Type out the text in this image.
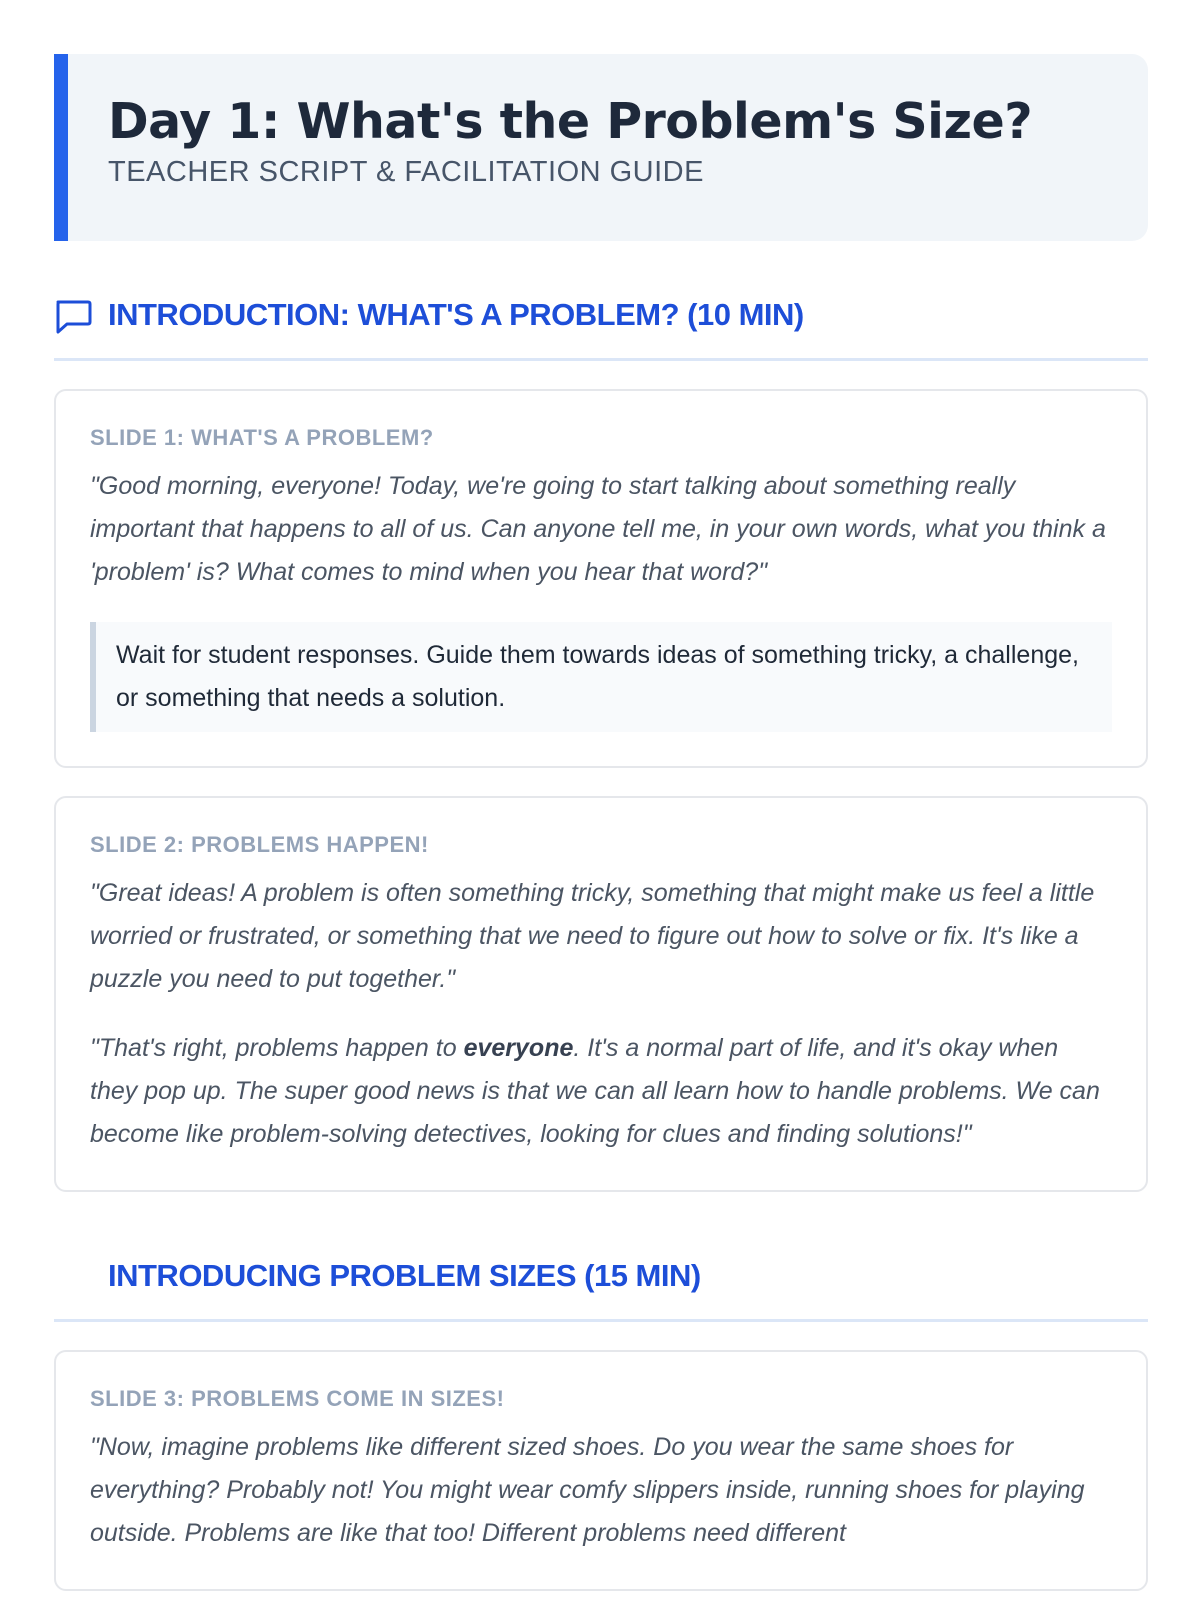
Day 1: What's the Problem's Size?
TEACHER SCRIPT & FACILITATION GUIDE
INTRODUCTION: WHAT'S A PROBLEM? (10 MIN)
SLIDE 1: WHAT'S A PROBLEM?

"Good morning, everyone! Today, we're going to start talking about something really important that happens to all of us. Can anyone tell me, in your own words, what you think a 'problem' is? What comes to mind when you hear that word?"

Wait for student responses. Guide them towards ideas of something tricky, a challenge, or something that needs a solution.
SLIDE 2: PROBLEMS HAPPEN!

"Great ideas! A problem is often something tricky, something that might make us feel a little worried or frustrated, or something that we need to figure out how to solve or fix. It's like a puzzle you need to put together."

"That's right, problems happen to everyone. It's a normal part of life, and it's okay when they pop up. The super good news is that we can all learn how to handle problems. We can become like problem-solving detectives, looking for clues and finding solutions!"

INTRODUCING PROBLEM SIZES (15 MIN)
SLIDE 3: PROBLEMS COME IN SIZES!

"Now, imagine problems like different sized shoes. Do you wear the same shoes for everything? Probably not! You might wear comfy slippers inside, running shoes for playing outside. Problems are like that too! Different problems need different
